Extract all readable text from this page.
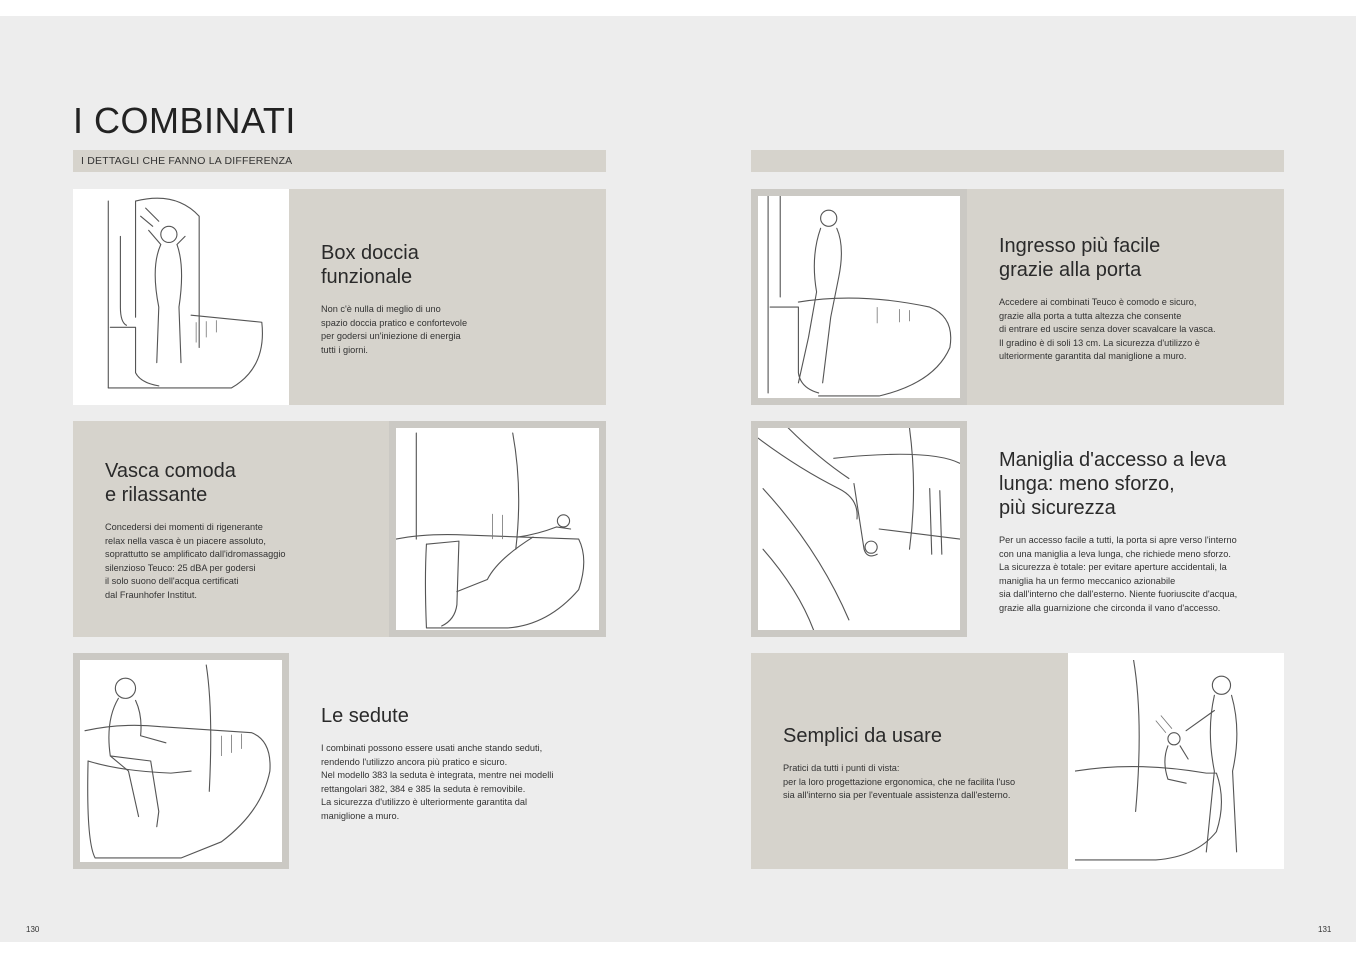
I COMBINATI
I DETTAGLI CHE FANNO LA DIFFERENZA

Box doccia
funzionale

Non c'è nulla di meglio di uno
spazio doccia pratico e confortevole
per godersi un'iniezione di energia
tutti i giorni.

Vasca comoda
e rilassante

Concedersi dei momenti di rigenerante
relax nella vasca è un piacere assoluto,
soprattutto se amplificato dall'idromassaggio
silenzioso Teuco: 25 dBA per godersi
il solo suono dell'acqua certificati
dal Fraunhofer Institut.

Le sedute

I combinati possono essere usati anche stando seduti,
rendendo l'utilizzo ancora più pratico e sicuro.
Nel modello 383 la seduta è integrata, mentre nei modelli
rettangolari 382, 384 e 385 la seduta è removibile.
La sicurezza d'utilizzo è ulteriormente garantita dal
maniglione a muro.

Ingresso più facile
grazie alla porta

Accedere ai combinati Teuco è comodo e sicuro,
grazie alla porta a tutta altezza che consente
di entrare ed uscire senza dover scavalcare la vasca.
Il gradino è di soli 13 cm. La sicurezza d'utilizzo è
ulteriormente garantita dal maniglione a muro.

Maniglia d'accesso a leva
lunga: meno sforzo,
più sicurezza

Per un accesso facile a tutti, la porta si apre verso l'interno
con una maniglia a leva lunga, che richiede meno sforzo.
La sicurezza è totale: per evitare aperture accidentali, la
maniglia ha un fermo meccanico azionabile
sia dall'interno che dall'esterno. Niente fuoriuscite d'acqua,
grazie alla guarnizione che circonda il vano d'accesso.

Semplici da usare

Pratici da tutti i punti di vista:
per la loro progettazione ergonomica, che ne facilita l'uso
sia all'interno sia per l'eventuale assistenza dall'esterno.

130	131
